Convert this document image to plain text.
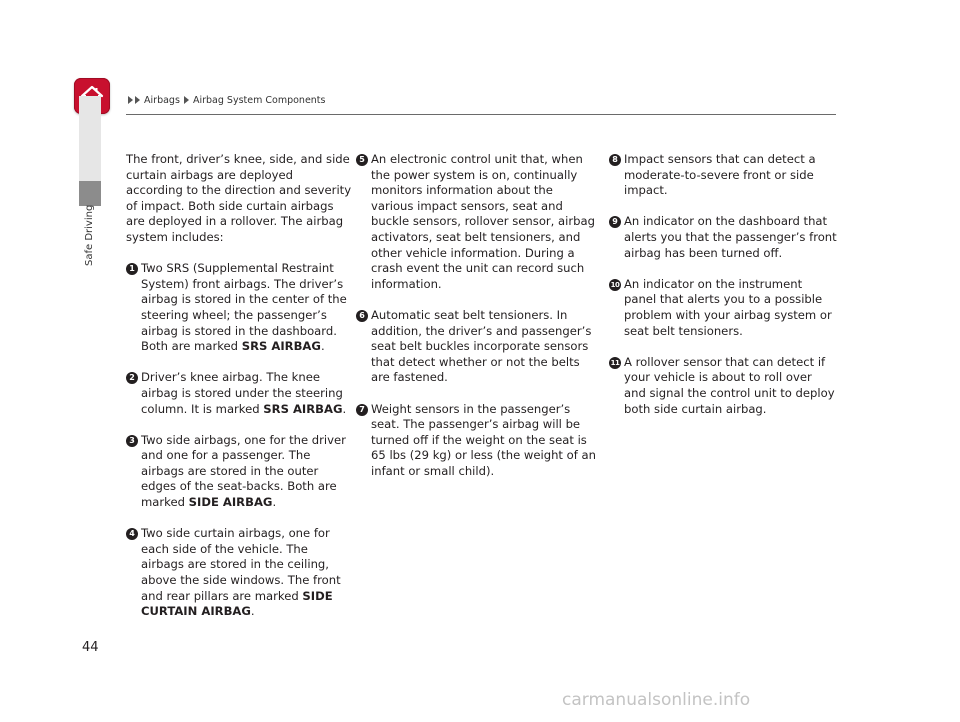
Airbags Airbag System Components
Safe Driving

The front, driver’s knee, side, and side curtain airbags are deployed according to the direction and severity of impact. Both side curtain airbags are deployed in a rollover. The airbag system includes:

1 Two SRS (Supplemental Restraint System) front airbags. The driver’s airbag is stored in the center of the steering wheel; the passenger’s airbag is stored in the dashboard. Both are marked SRS AIRBAG.
2 Driver’s knee airbag. The knee airbag is stored under the steering column. It is marked SRS AIRBAG.
3 Two side airbags, one for the driver and one for a passenger. The airbags are stored in the outer edges of the seat-backs. Both are marked SIDE AIRBAG.
4 Two side curtain airbags, one for each side of the vehicle. The airbags are stored in the ceiling, above the side windows. The front and rear pillars are marked SIDE CURTAIN AIRBAG.
5 An electronic control unit that, when the power system is on, continually monitors information about the various impact sensors, seat and buckle sensors, rollover sensor, airbag activators, seat belt tensioners, and other vehicle information. During a crash event the unit can record such information.
6 Automatic seat belt tensioners. In addition, the driver’s and passenger’s seat belt buckles incorporate sensors that detect whether or not the belts are fastened.
7 Weight sensors in the passenger’s seat. The passenger’s airbag will be turned off if the weight on the seat is 65 lbs (29 kg) or less (the weight of an infant or small child).
8 Impact sensors that can detect a moderate-to-severe front or side impact.
9 An indicator on the dashboard that alerts you that the passenger’s front airbag has been turned off.
10 An indicator on the instrument panel that alerts you to a possible problem with your airbag system or seat belt tensioners.
11 A rollover sensor that can detect if your vehicle is about to roll over and signal the control unit to deploy both side curtain airbag.
44
carmanualsonline.info
